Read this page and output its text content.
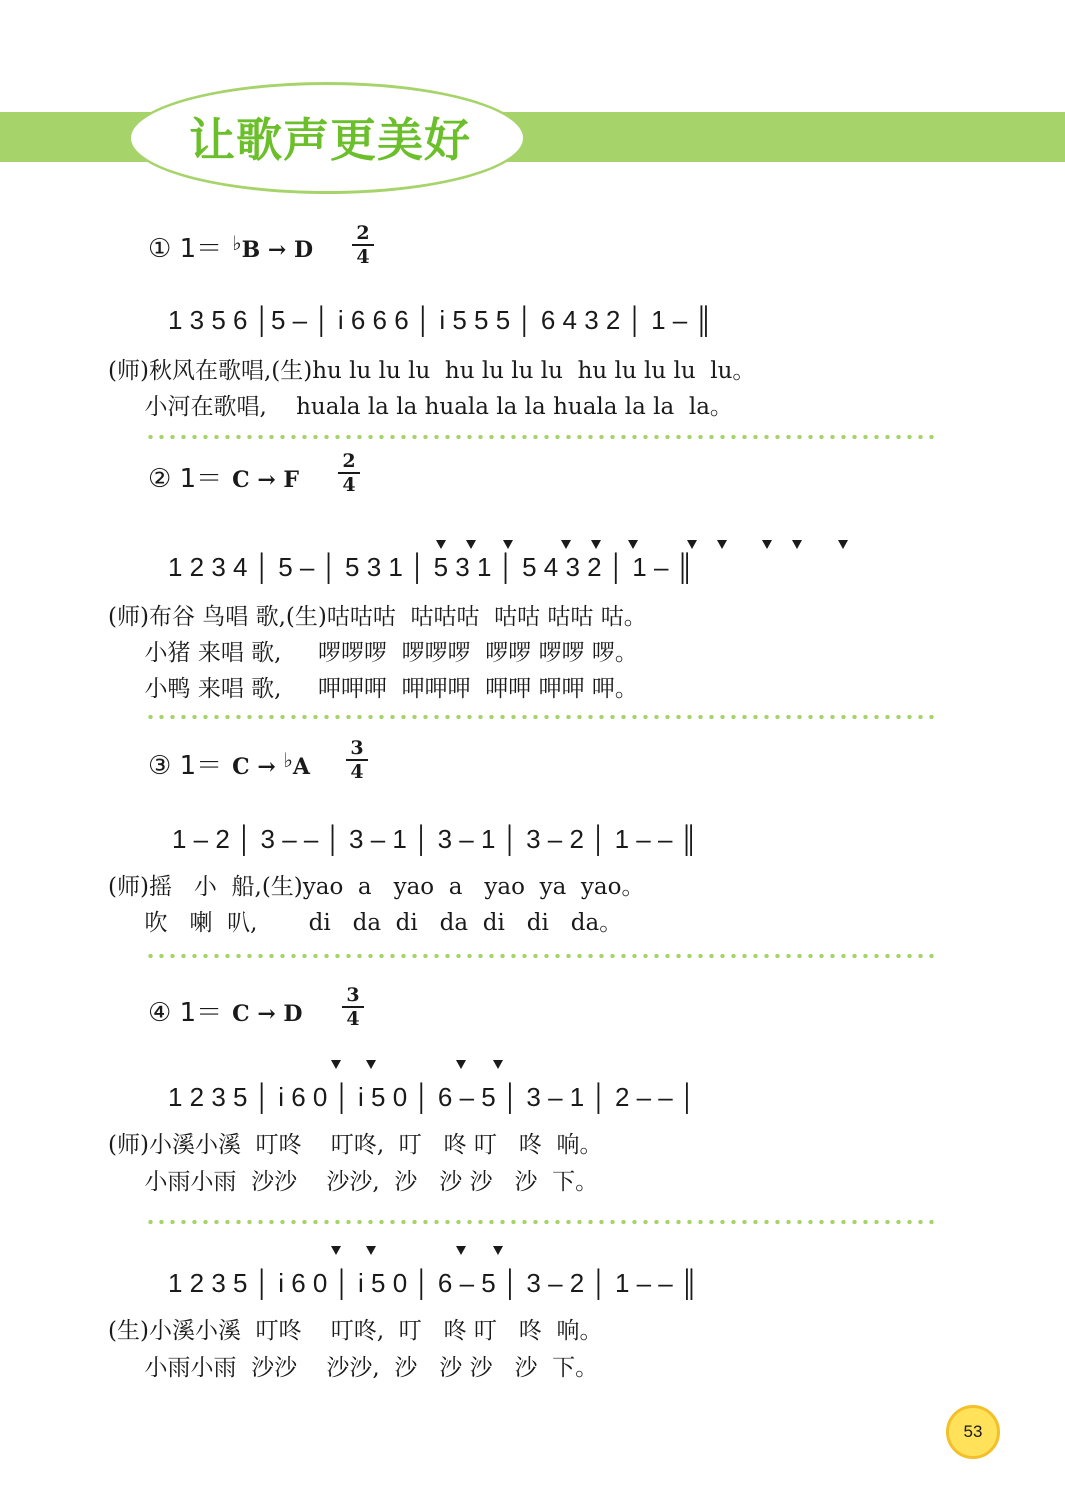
让歌声更美好
① 1＝ ♭B → D $\frac{2}{4}$
1 3 5 6 │5 – │ i 6 6 6 │ i 5 5 5 │ 6 4 3 2 │ 1 – ║
(师)秋风在歌唱,(生)hu lu lu lu  hu lu lu lu  hu lu lu lu  lu。
小河在歌唱,    huala la la huala la la huala la la  la。
② 1＝ C → F $\frac{2}{4}$
1 2 3 4 │ 5 – │ 5 3 1 │ 5 3 1 │ 5 4 3 2 │ 1 – ║
(师)布谷 鸟唱 歌,(生)咕咕咕  咕咕咕  咕咕 咕咕 咕。
小猪 来唱 歌,     啰啰啰  啰啰啰  啰啰 啰啰 啰。
小鸭 来唱 歌,     呷呷呷  呷呷呷  呷呷 呷呷 呷。
③ 1＝ C → ♭A $\frac{3}{4}$
1 – 2 │ 3 – – │ 3 – 1 │ 3 – 1 │ 3 – 2 │ 1 – – ║
(师)摇   小  船,(生)yao  a   yao  a   yao  ya  yao。
吹   喇  叭,       di   da  di   da  di   di   da。
④ 1＝ C → D $\frac{3}{4}$
1 2 3 5 │ i 6 0 │ i 5 0 │ 6 – 5 │ 3 – 1 │ 2 – – │
(师)小溪小溪  叮咚    叮咚,  叮   咚 叮   咚  响。
小雨小雨  沙沙    沙沙,  沙   沙 沙   沙  下。
1 2 3 5 │ i 6 0 │ i 5 0 │ 6 – 5 │ 3 – 2 │ 1 – – ║
(生)小溪小溪  叮咚    叮咚,  叮   咚 叮   咚  响。
小雨小雨  沙沙    沙沙,  沙   沙 沙   沙  下。
53
